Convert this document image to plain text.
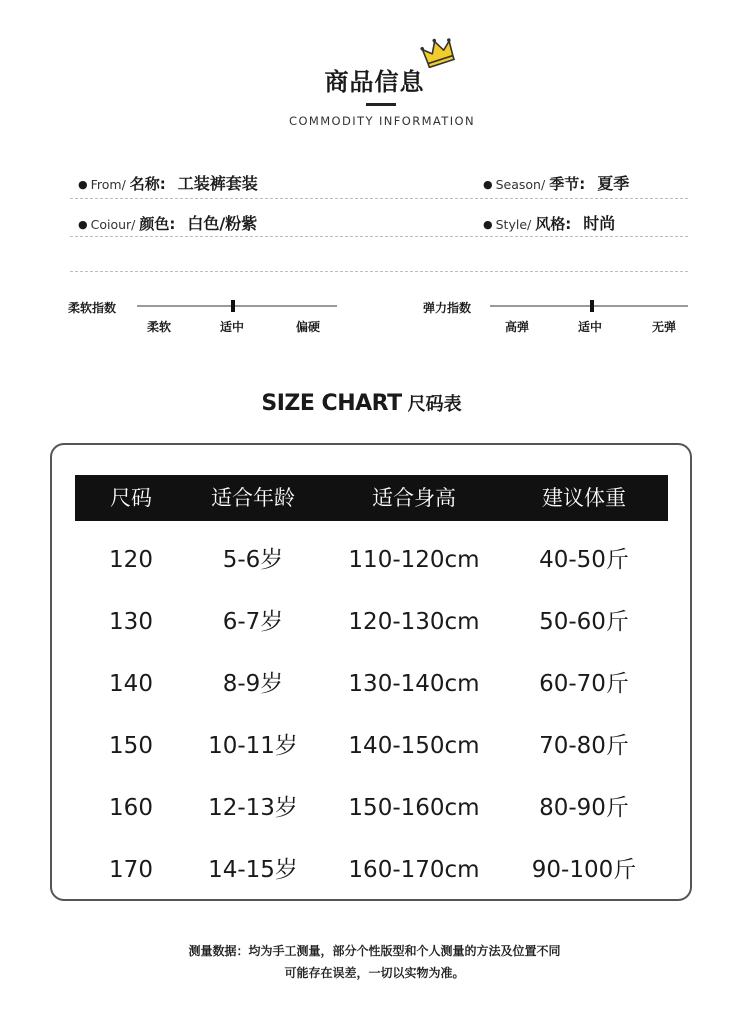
商品信息
COMMODITY INFORMATION
● From/ 名称: 工装裤套装	● Season/ 季节: 夏季
● Coiour/ 颜色: 白色/粉紫	● Style/ 风格: 时尚
柔软指数
柔软	适中	偏硬
弹力指数
高弹	适中	无弹
SIZE CHART 尺码表
尺码	适合年龄	适合身高	建议体重
120	5-6岁	110-120cm	40-50斤
130	6-7岁	120-130cm	50-60斤
140	8-9岁	130-140cm	60-70斤
150	10-11岁	140-150cm	70-80斤
160	12-13岁	150-160cm	80-90斤
170	14-15岁	160-170cm	90-100斤
测量数据：均为手工测量，部分个性版型和个人测量的方法及位置不同
可能存在误差，一切以实物为准。
